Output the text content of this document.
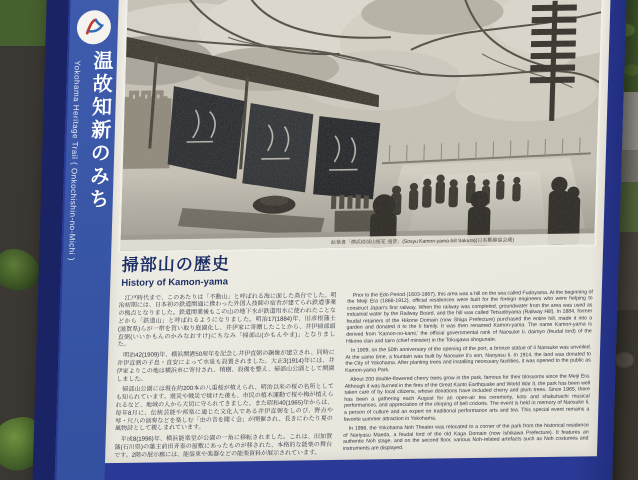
温故知新のみち
Yokohama Heritage Trail ( Onkochishin-no-Michi )	絵葉書「横浜掃部山桜花 遠景」(Sosyu Kamon-yama-hill Sakura)(日本郵趣協会蔵)
掃部山の歴史
History of Kamon-yama

江戸時代まで、このあたりは「不動山」と呼ばれる海に面した高台でした。明治初期には、日本初の鉄道開通に携わった外国人技師の宿舎が建てられ鉄道事業の拠点となりました。鉄道開業後もこの山の地下水が鉄道用水に使われたことなどから「鉄道山」と呼ばれるようになりました。明治17(1884)年、旧彦根藩士(滋賀県)らが一帯を買い取り庭園化し、井伊家に寄贈したことから、井伊掃部頭直弼(いいかもんのかみなおすけ)にちなみ「掃部山(かもんやま)」となりました。

明治42(1909)年、横浜開港50周年を記念し井伊直弼の銅像が建立され、同時に井伊直弼の子息・直安によって水泉も設置されました。大正3(1914)年には、井伊家よりこの地は横浜市に寄付され、植樹、設備を整え、掃部山公園として開園しました。

掃部山公園には現在約200本の八重桜が植えられ、明治以来の桜の名所としても知られています。震災や戦災で焼けた後も、市民の植木運動で桜や梅が植えられるなど、地域の人から大切に守られてきました。また昭和40(1965)年からは、毎年8月に、伝統芸能や邦楽に通じた文化人である井伊直弼をしのび、野点や琴・尺八の演奏などを楽しむ「虫の音を聞く会」が開催され、長きにわたり夏の風物詩として親しまれています。

平成8(1996)年、横浜能楽堂が公園の一角に移転されました。これは、旧加賀藩(石川県)の藩主前田斉泰の屋敷にあったものが移された、本格的な能楽の舞台です。2階の展示廊には、能装束や楽器などの能楽資料が展示されています。

Prior to the Edo Period (1603-1867), this area was a hill on the sea called Fudoyama. At the beginning of the Meiji Era (1868-1912), official residences were built for the foreign engineers who were helping to construct Japan's first railway. When the railway was completed, groundwater from the area was used as industrial water by the Railway Board, and the hill was called Tetsudoyama (Railway Hill). In 1884, former feudal retainers of the Hikone Domain (now Shiga Prefecture) purchased the entire hill, made it into a garden and donated it to the Ii family. It was then renamed Kamon-yama. The name Kamon-yama is derived from 'Kamon-no-kami,' the official governmental rank of Naosuke Ii, daimyo (feudal lord) of the Hikone clan and tairo (chief minister) in the Tokugawa shogunate.

In 1909, on the 50th anniversary of the opening of the port, a bronze statue of Ii Naosuke was unveiled. At the same time, a fountain was built by Naosuke Ii's son, Naoyasu Ii. In 1914, the land was donated to the City of Yokohama. After planting trees and installing necessary facilities, it was opened to the public as Kamon-yama Park.

About 200 double-flowered cherry trees grow in the park, famous for their blossoms since the Meiji Era. Although it was burned in the fires of the Great Kanto Earthquake and World War II, the park has been well taken care of by local citizens, whose donations have included cherry and plum trees. Since 1965, there has been a gathering each August for an open-air tea ceremony, koto and shakuhachi musical performances, and appreciation of the chirping of bell crickets. The event is held in memory of Naosuke Ii, a person of culture and an expert on traditional performance arts and tea. This special event remains a favorite summer attraction in Yokohama.

In 1996, the Yokohama Noh Theater was relocated to a corner of the park from the historical residence of Nariyasu Maeda, a feudal lord of the old Kaga Domain (now Ishikawa Prefecture). It features an authentic Noh stage, and on the second floor, various Noh-related artefacts such as Noh costumes and instruments are displayed.
